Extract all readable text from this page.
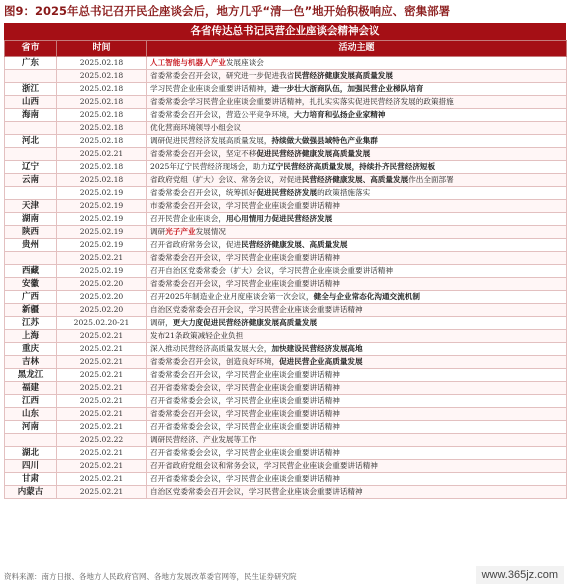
图9：2025年总书记召开民企座谈会后，地方几乎“清一色”地开始积极响应、密集部署
各省传达总书记民营企业座谈会精神会议
省市	时间	活动主题
广东	2025.02.18	人工智能与机器人产业发展座谈会
	2025.02.18	省委常委会召开会议，研究进一步促进我省民营经济健康发展高质量发展
浙江	2025.02.18	学习民营企业座谈会重要讲话精神，进一步壮大浙商队伍，加强民营企业梯队培育
山西	2025.02.18	省委常委会学习民营企业座谈会重要讲话精神，扎扎实实落实促进民营经济发展的政策措施
海南	2025.02.18	省委常委会召开会议，营造公平竞争环境，大力培育和弘扬企业家精神
	2025.02.18	优化营商环境领导小组会议
河北	2025.02.18	调研促进民营经济发展高质量发展，持续做大做强县域特色产业集群
	2025.02.21	省委常委会召开会议，坚定不移促进民营经济健康发展高质量发展
辽宁	2025.02.18	2025年辽宁民营经济现场会，助力辽宁民营经济高质量发展，持续扑齐民营经济短板
云南	2025.02.18	省政府党组（扩大）会议、常务会议，对促进民营经济健康发展、高质量发展作出全面部署
	2025.02.19	省委常委会召开会议，统筹抓好促进民营经济发展的政策措施落实
天津	2025.02.19	市委常委会召开会议，学习民营企业座谈会重要讲话精神
湖南	2025.02.19	召开民营企业座谈会，用心用情用力促进民营经济发展
陕西	2025.02.19	调研光子产业发展情况
贵州	2025.02.19	召开省政府常务会议，促进民营经济健康发展、高质量发展
	2025.02.21	省委常委会召开会议，学习民营企业座谈会重要讲话精神
西藏	2025.02.19	召开自治区党委常委会（扩大）会议，学习民营企业座谈会重要讲话精神
安徽	2025.02.20	省委常委会召开会议，学习民营企业座谈会重要讲话精神
广西	2025.02.20	召开2025年制造业企业月度座谈会第一次会议，健全与企业常态化沟通交流机制
新疆	2025.02.20	自治区党委常委会召开会议，学习民营企业座谈会重要讲话精神
江苏	2025.02.20-21	调研，更大力度促进民营经济健康发展高质量发展
上海	2025.02.21	发布21条政策减轻企业负担
重庆	2025.02.21	深入推动民营经济高质量发展大会，加快建设民营经济发展高地
吉林	2025.02.21	省委常委会召开会议，创造良好环境，促进民营企业高质量发展
黑龙江	2025.02.21	省委常委会召开会议，学习民营企业座谈会重要讲话精神
福建	2025.02.21	召开省委常委会会议，学习民营企业座谈会重要讲话精神
江西	2025.02.21	召开省委常委会会议，学习民营企业座谈会重要讲话精神
山东	2025.02.21	省委常委会召开会议，学习民营企业座谈会重要讲话精神
河南	2025.02.21	召开省委常委会会议，学习民营企业座谈会重要讲话精神
	2025.02.22	调研民营经济、产业发展等工作
湖北	2025.02.21	召开省委常委会会议，学习民营企业座谈会重要讲话精神
四川	2025.02.21	召开省政府党组会议和常务会议，学习民营企业座谈会重要讲话精神
甘肃	2025.02.21	召开省委常委会会议，学习民营企业座谈会重要讲话精神
内蒙古	2025.02.21	自治区党委常委会召开会议，学习民营企业座谈会重要讲话精神
资料来源：南方日报、各地方人民政府官网、各地方发展改革委官网等，民生证券研究院	www.365jz.com
